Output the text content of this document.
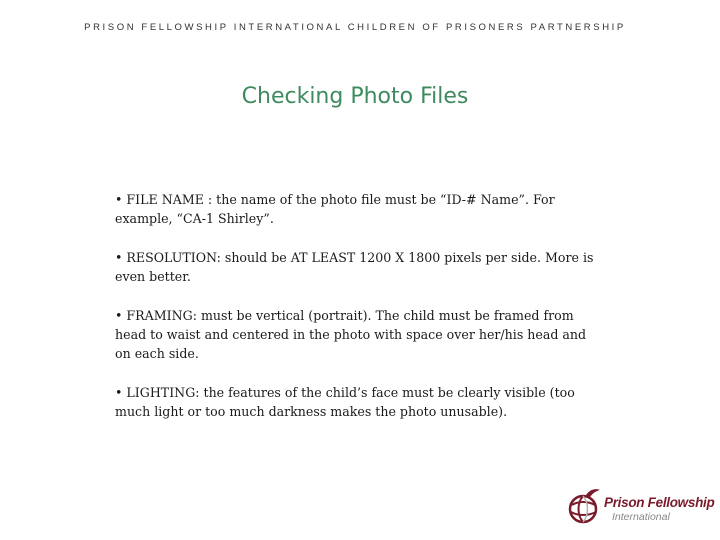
PRISON FELLOWSHIP INTERNATIONAL CHILDREN OF PRISONERS PARTNERSHIP
Checking Photo Files

• FILE NAME : the name of the photo file must be “ID-# Name”. For example, “CA-1 Shirley”.

• RESOLUTION: should be AT LEAST 1200 X 1800 pixels per side. More is even better.

• FRAMING: must be vertical (portrait). The child must be framed from head to waist and centered in the photo with space over her/his head and on each side.

• LIGHTING: the features of the child’s face must be clearly visible (too much light or too much darkness makes the photo unusable).

Prison Fellowship
International
